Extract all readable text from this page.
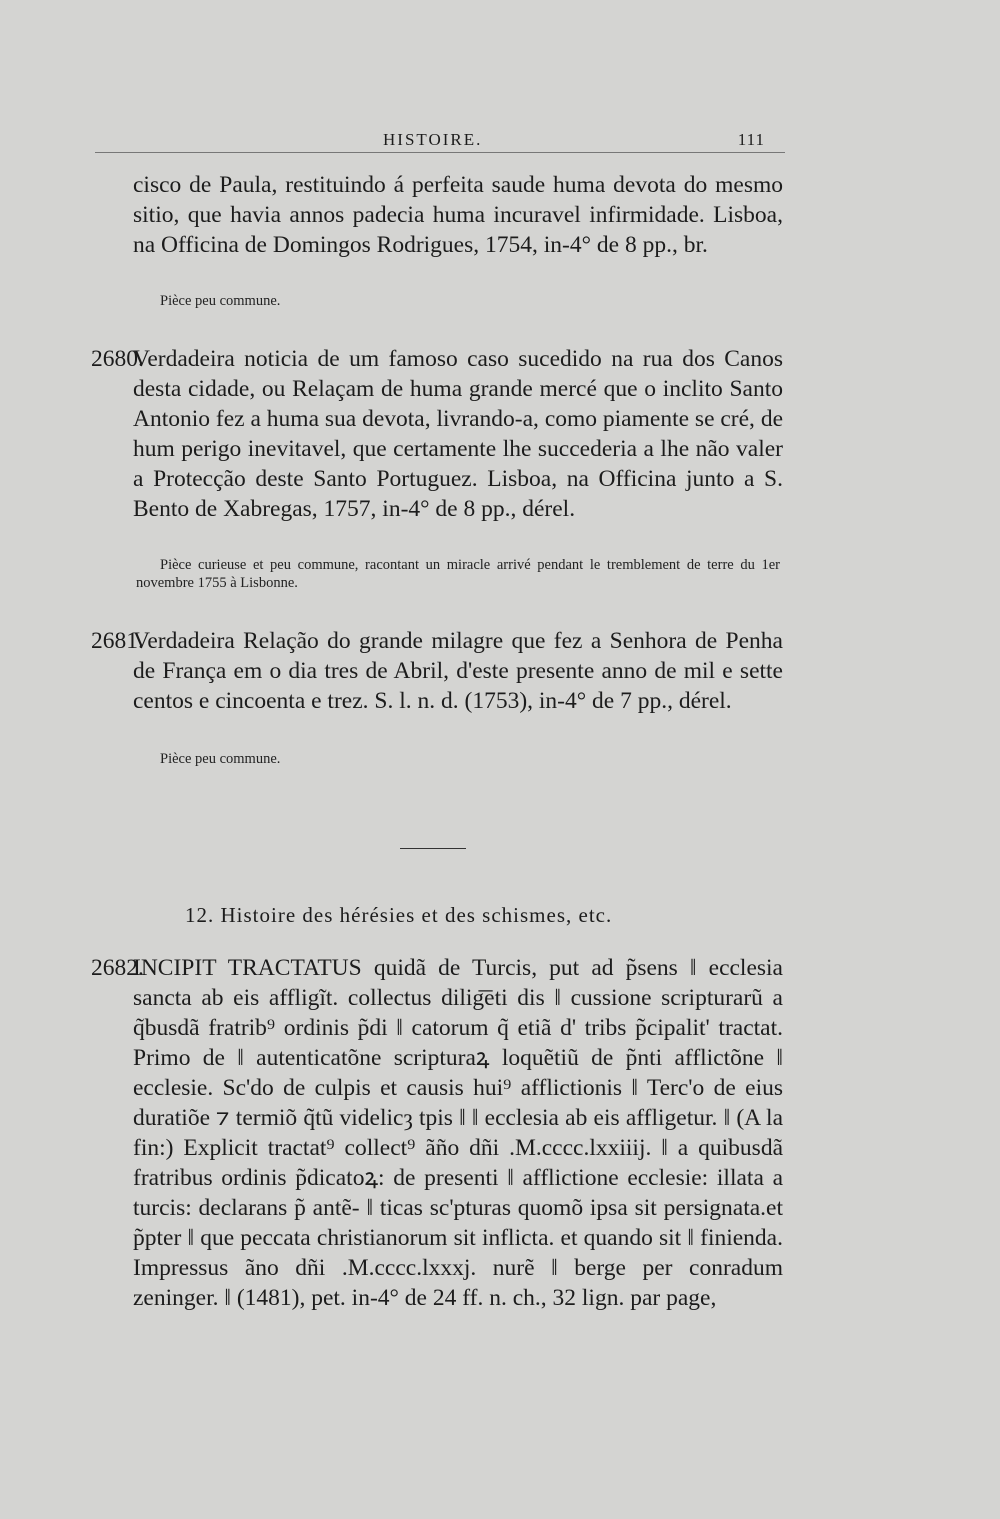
HISTOIRE.	111

cisco de Paula, restituindo á perfeita saude huma devota do mesmo sitio, que havia annos padecia huma incuravel infirmidade. Lisboa, na Officina de Domingos Rodrigues, 1754, in-4° de 8 pp., br.

Pièce peu commune.

2680.
Verdadeira noticia de um famoso caso sucedido na rua dos Canos desta cidade, ou Relaçam de huma grande mercé que o inclito Santo Antonio fez a huma sua devota, livrando-a, como piamente se cré, de hum perigo inevitavel, que certamente lhe succederia a lhe não valer a Protecção deste Santo Portuguez. Lisboa, na Officina junto a S. Bento de Xabregas, 1757, in-4° de 8 pp., dérel.

Pièce curieuse et peu commune, racontant un miracle arrivé pendant le tremblement de terre du 1er novembre 1755 à Lisbonne.

2681.
Verdadeira Relação do grande milagre que fez a Senhora de Penha de França em o dia tres de Abril, d'este presente anno de mil e sette centos e cincoenta e trez. S. l. n. d. (1753), in-4° de 7 pp., dérel.

Pièce peu commune.

12. Histoire des hérésies et des schismes, etc.

2682.
INCIPIT TRACTATUS quidã de Turcis, put ad p̃sens ‖ ecclesia sancta ab eis affligĩt. collectus dilig͞eti dis ‖ cussione scripturarũ a q̃busdã fratrib⁹ ordinis p̃di ‖ catorum q̃ etiã d' tribs p̃cipalit' tractat. Primo de ‖ autenticatõne scripturaꝝ loquẽtiũ de p̃nti afflictõne ‖ ecclesie. Sc'do de culpis et causis hui⁹ afflictionis ‖ Terc'o de eius duratiõe ⁊ termiõ q̃tũ videlicȝ tpis ‖ ‖ ecclesia ab eis affligetur. ‖ (A la fin:) Explicit tractat⁹ collect⁹ ãño dñi .M.cccc.lxxiiij. ‖ a quibusdã fratribus ordinis p̃dicatoꝝ: de presenti ‖ afflictione ecclesie: illata a turcis: declarans p̃ antẽ- ‖ ticas sc'pturas quomõ ipsa sit persignata.et p̃pter ‖ que peccata christianorum sit inflicta. et quando sit ‖ finienda. Impressus ãno dñi .M.cccc.lxxxj. nurẽ ‖ berge per conradum zeninger. ‖ (1481), pet. in-4° de 24 ff. n. ch., 32 lign. par page,
